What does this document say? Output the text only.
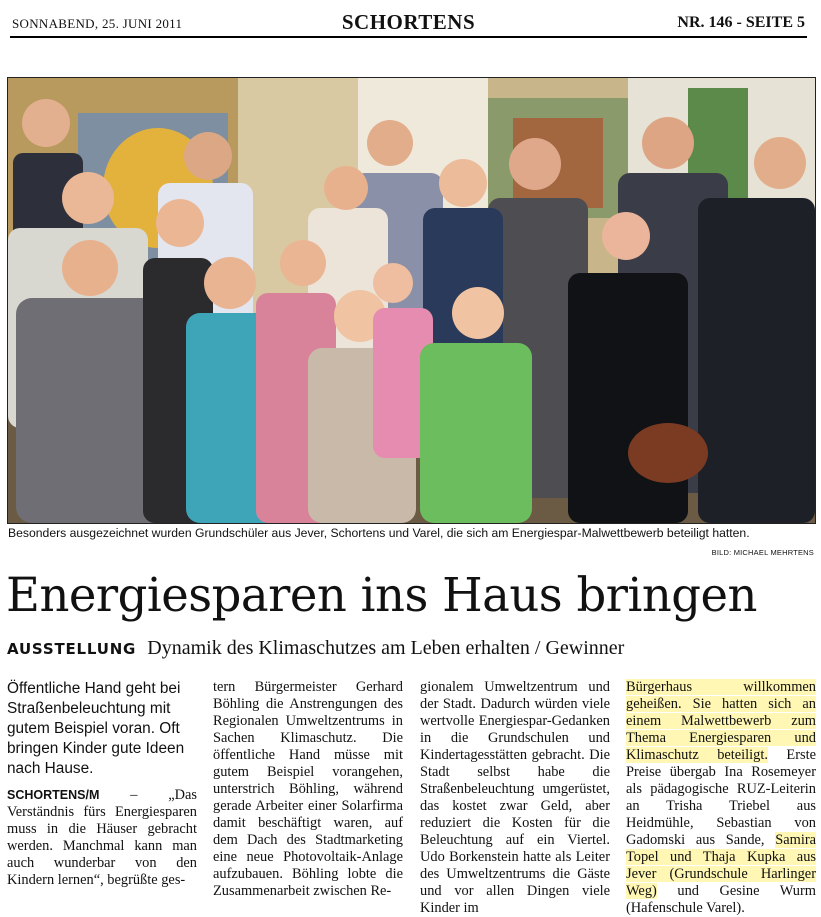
SONNABEND, 25. JUNI 2011	SCHORTENS	NR. 146 - SEITE 5
Besonders ausgezeichnet wurden Grundschüler aus Jever, Schortens und Varel, die sich am Energiespar-Malwettbewerb beteiligt hatten.
BILD: MICHAEL MEHRTENS
Energiesparen ins Haus bringen
AUSSTELLUNG Dynamik des Klimaschutzes am Leben erhalten / Gewinner
Öffentliche Hand geht bei Straßenbeleuchtung mit gutem Beispiel voran. Oft bringen Kinder gute Ideen nach Hause.
SCHORTENS/M – „Das Verständnis fürs Energiesparen muss in die Häuser gebracht werden. Manchmal kann man auch wunderbar von den Kindern lernen“, begrüßte ges-
tern Bürgermeister Gerhard Böhling die Anstrengungen des Regionalen Umweltzentrums in Sachen Klimaschutz. Die öffentliche Hand müsse mit gutem Beispiel vorangehen, unterstrich Böhling, während gerade Arbeiter einer Solarfirma damit beschäftigt waren, auf dem Dach des Stadtmarketing eine neue Photovoltaik-Anlage aufzubauen. Böhling lobte die Zusammenarbeit zwischen Re-
gionalem Umweltzentrum und der Stadt. Dadurch würden viele wertvolle Energiespar-Gedanken in die Grundschulen und Kindertagesstätten gebracht. Die Stadt selbst habe die Straßenbeleuchtung umgerüstet, das kostet zwar Geld, aber reduziert die Kosten für die Beleuchtung auf ein Viertel. Udo Borkenstein hatte als Leiter des Umweltzentrums die Gäste und vor allen Dingen viele Kinder im
Bürgerhaus willkommen geheißen. Sie hatten sich an einem Malwettbewerb zum Thema Energiesparen und Klimaschutz beteiligt. Erste Preise übergab Ina Rosemeyer als pädagogische RUZ-Leiterin an Trisha Triebel aus Heidmühle, Sebastian von Gadomski aus Sande, Samira Topel und Thaja Kupka aus Jever (Grundschule Harlinger Weg) und Gesine Wurm (Hafenschule Varel).
